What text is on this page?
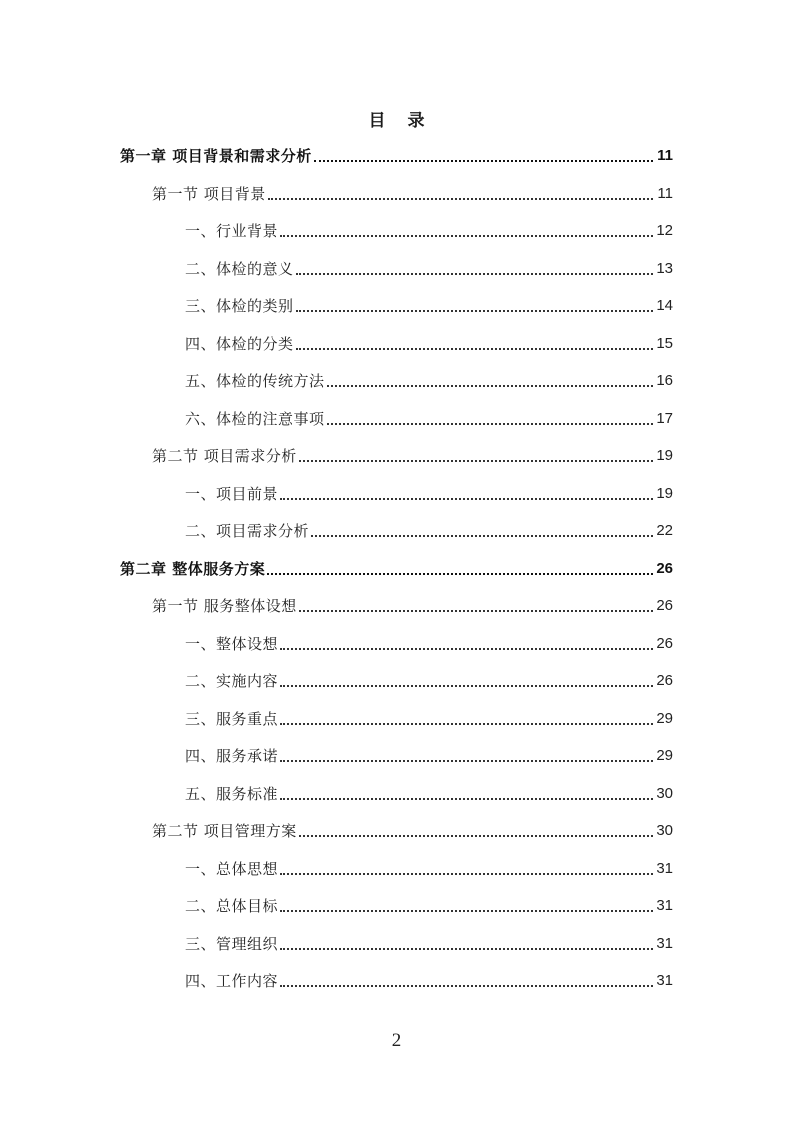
目 录
第一章 项目背景和需求分析	11
第一节 项目背景	11
一、行业背景	12
二、体检的意义	13
三、体检的类别	14
四、体检的分类	15
五、体检的传统方法	16
六、体检的注意事项	17
第二节 项目需求分析	19
一、项目前景	19
二、项目需求分析	22
第二章 整体服务方案	26
第一节 服务整体设想	26
一、整体设想	26
二、实施内容	26
三、服务重点	29
四、服务承诺	29
五、服务标准	30
第二节 项目管理方案	30
一、总体思想	31
二、总体目标	31
三、管理组织	31
四、工作内容	31
2
